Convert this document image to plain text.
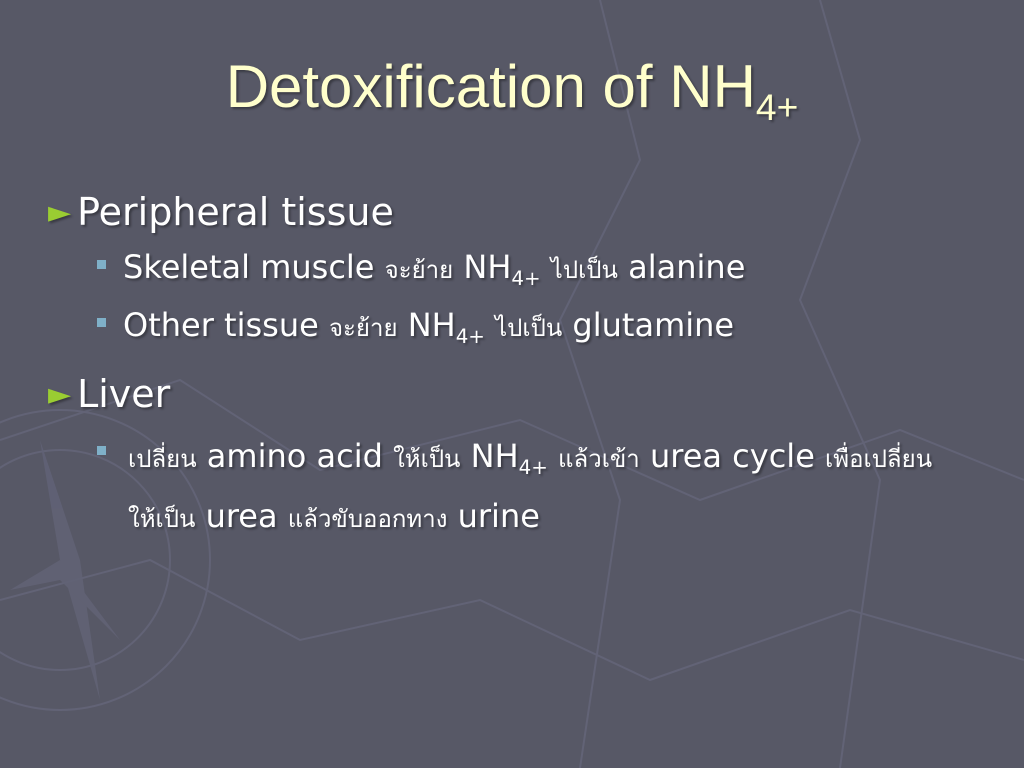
Detoxification of $NH_{4+}$
► Peripheral tissue
Skeletal muscle จะย้าย $NH_{4+}$ ไปเป็น alanine
Other tissue จะย้าย $NH_{4+}$ ไปเป็น glutamine
► Liver
เปลี่ยน amino acid ให้เป็น $NH_{4+}$ แล้วเข้า urea cycle เพื่อเปลี่ยน
ให้เป็น urea แล้วขับออกทาง urine
